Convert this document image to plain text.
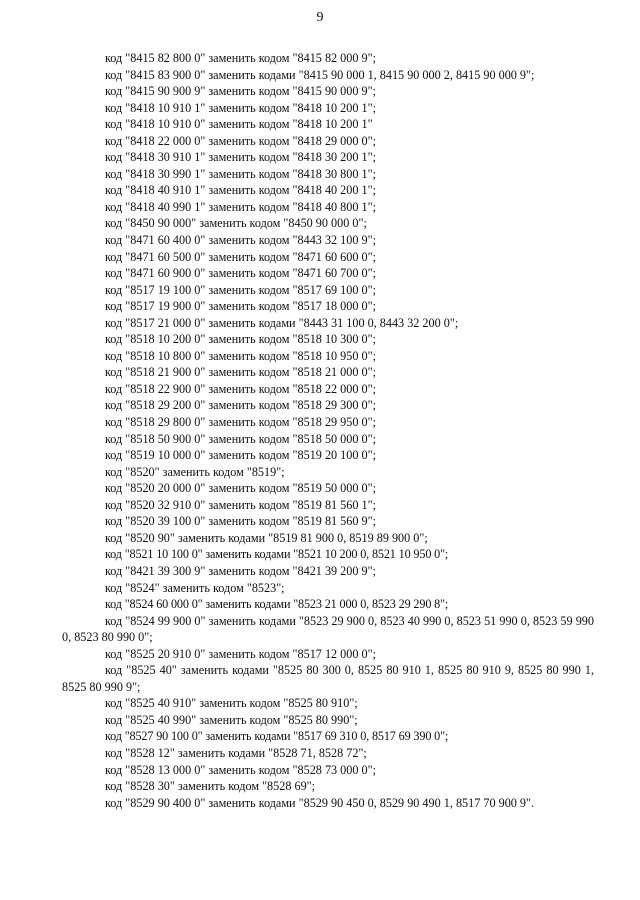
9

код "8415 82 800 0" заменить кодом "8415 82 000 9";

код "8415 83 900 0" заменить кодами "8415 90 000 1, 8415 90 000 2, 8415 90 000 9";

код "8415 90 900 9" заменить кодом "8415 90 000 9";

код "8418 10 910 1" заменить кодом "8418 10 200 1";

код "8418 10 910 0" заменить кодом "8418 10 200 1"

код "8418 22 000 0" заменить кодом "8418 29 000 0";

код "8418 30 910 1" заменить кодом "8418 30 200 1";

код "8418 30 990 1" заменить кодом "8418 30 800 1";

код "8418 40 910 1" заменить кодом "8418 40 200 1";

код "8418 40 990 1" заменить кодом "8418 40 800 1";

код "8450 90 000" заменить кодом "8450 90 000 0";

код "8471 60 400 0" заменить кодом "8443 32 100 9";

код "8471 60 500 0" заменить кодом "8471 60 600 0";

код "8471 60 900 0" заменить кодом "8471 60 700 0";

код "8517 19 100 0" заменить кодом "8517 69 100 0";

код "8517 19 900 0" заменить кодом "8517 18 000 0";

код "8517 21 000 0" заменить кодами "8443 31 100 0, 8443 32 200 0";

код "8518 10 200 0" заменить кодом "8518 10 300 0";

код "8518 10 800 0" заменить кодом "8518 10 950 0";

код "8518 21 900 0" заменить кодом "8518 21 000 0";

код "8518 22 900 0" заменить кодом "8518 22 000 0";

код "8518 29 200 0" заменить кодом "8518 29 300 0";

код "8518 29 800 0" заменить кодом "8518 29 950 0";

код "8518 50 900 0" заменить кодом "8518 50 000 0";

код "8519 10 000 0" заменить кодом "8519 20 100 0";

код "8520" заменить кодом "8519";

код "8520 20 000 0" заменить кодом "8519 50 000 0";

код "8520 32 910 0" заменить кодом "8519 81 560 1";

код "8520 39 100 0" заменить кодом "8519 81 560 9";

код "8520 90" заменить кодами "8519 81 900 0, 8519 89 900 0";

код "8521 10 100 0" заменить кодами "8521 10 200 0, 8521 10 950 0";

код "8421 39 300 9" заменить кодом "8421 39 200 9";

код "8524" заменить кодом "8523";

код "8524 60 000 0" заменить кодами "8523 21 000 0, 8523 29 290 8";

код "8524 99 900 0" заменить кодами "8523 29 900 0, 8523 40 990 0, 8523 51 990 0, 8523 59 990 0, 8523 80 990 0";

код "8525 20 910 0" заменить кодом "8517 12 000 0";

код "8525 40" заменить кодами "8525 80 300 0, 8525 80 910 1, 8525 80 910 9, 8525 80 990 1, 8525 80 990 9";

код "8525 40 910" заменить кодом "8525 80 910";

код "8525 40 990" заменить кодом "8525 80 990";

код "8527 90 100 0" заменить кодами "8517 69 310 0, 8517 69 390 0";

код "8528 12" заменить кодами "8528 71, 8528 72";

код "8528 13 000 0" заменить кодом "8528 73 000 0";

код "8528 30" заменить кодом "8528 69";

код "8529 90 400 0" заменить кодами "8529 90 450 0, 8529 90 490 1, 8517 70 900 9".
